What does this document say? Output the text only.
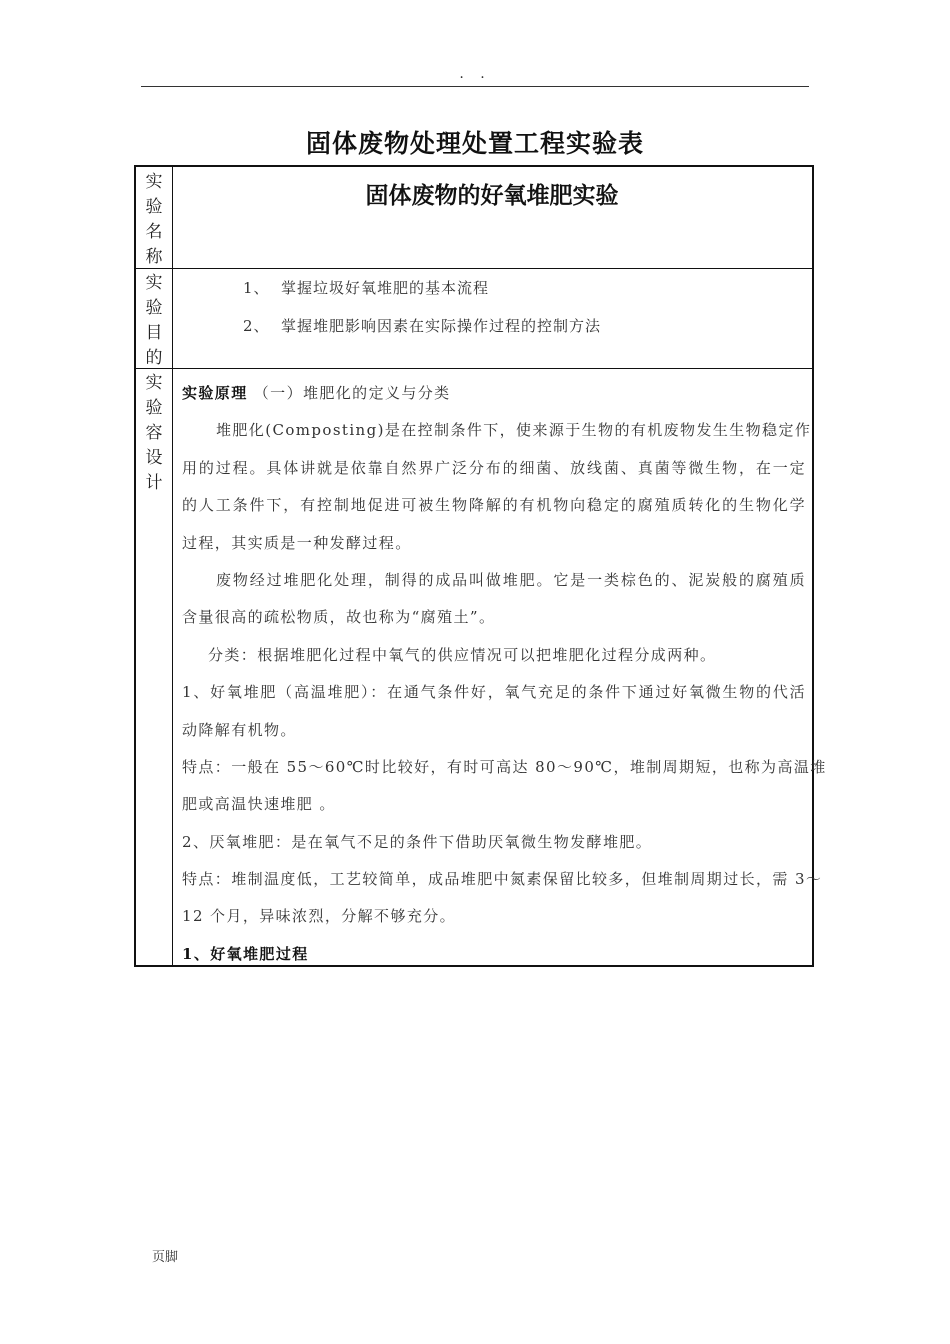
. .
固体废物处理处置工程实验表
实
验
名
称
固体废物的好氧堆肥实验
实
验
目
的
1、 掌握垃圾好氧堆肥的基本流程
2、 掌握堆肥影响因素在实际操作过程的控制方法
实
验
容
设
计
实验原理 （一）堆肥化的定义与分类
堆肥化(Composting)是在控制条件下，使来源于生物的有机废物发生生物稳定作
用的过程。具体讲就是依靠自然界广泛分布的细菌、放线菌、真菌等微生物，在一定
的人工条件下，有控制地促进可被生物降解的有机物向稳定的腐殖质转化的生物化学
过程，其实质是一种发酵过程。
废物经过堆肥化处理，制得的成品叫做堆肥。它是一类棕色的、泥炭般的腐殖质
含量很高的疏松物质，故也称为“腐殖土”。
分类：根据堆肥化过程中氧气的供应情况可以把堆肥化过程分成两种。
1、好氧堆肥（高温堆肥）：在通气条件好，氧气充足的条件下通过好氧微生物的代活
动降解有机物。
特点：一般在 55～60℃时比较好，有时可高达 80～90℃，堆制周期短，也称为高温堆
肥或高温快速堆肥 。
2、厌氧堆肥：是在氧气不足的条件下借助厌氧微生物发酵堆肥。
特点：堆制温度低，工艺较简单，成品堆肥中氮素保留比较多，但堆制周期过长，需 3～
12 个月，异味浓烈，分解不够充分。
1、好氧堆肥过程
页脚
